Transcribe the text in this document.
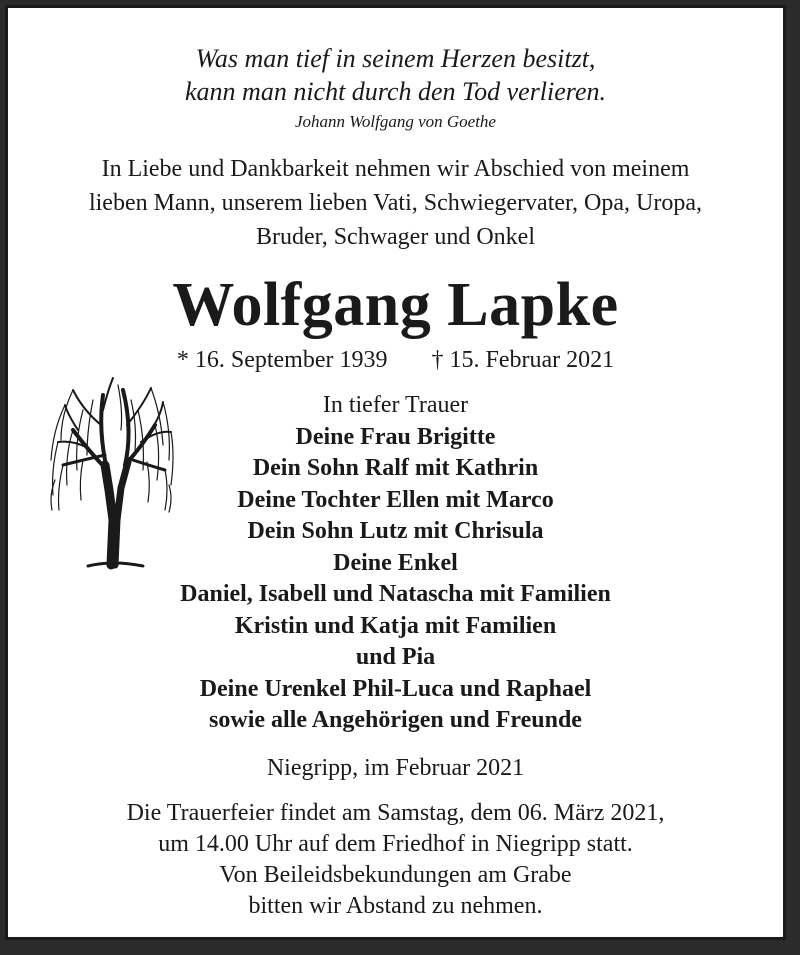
Was man tief in seinem Herzen besitzt,
kann man nicht durch den Tod verlieren.
Johann Wolfgang von Goethe
In Liebe und Dankbarkeit nehmen wir Abschied von meinem
lieben Mann, unserem lieben Vati, Schwiegervater, Opa, Uropa,
Bruder, Schwager und Onkel
Wolfgang Lapke
* 16. September 1939 † 15. Februar 2021
In tiefer Trauer
Deine Frau Brigitte
Dein Sohn Ralf mit Kathrin
Deine Tochter Ellen mit Marco
Dein Sohn Lutz mit Chrisula
Deine Enkel
Daniel, Isabell und Natascha mit Familien
Kristin und Katja mit Familien
und Pia
Deine Urenkel Phil-Luca und Raphael
sowie alle Angehörigen und Freunde
Niegripp, im Februar 2021
Die Trauerfeier findet am Samstag, dem 06. März 2021,
um 14.00 Uhr auf dem Friedhof in Niegripp statt.
Von Beileidsbekundungen am Grabe
bitten wir Abstand zu nehmen.
